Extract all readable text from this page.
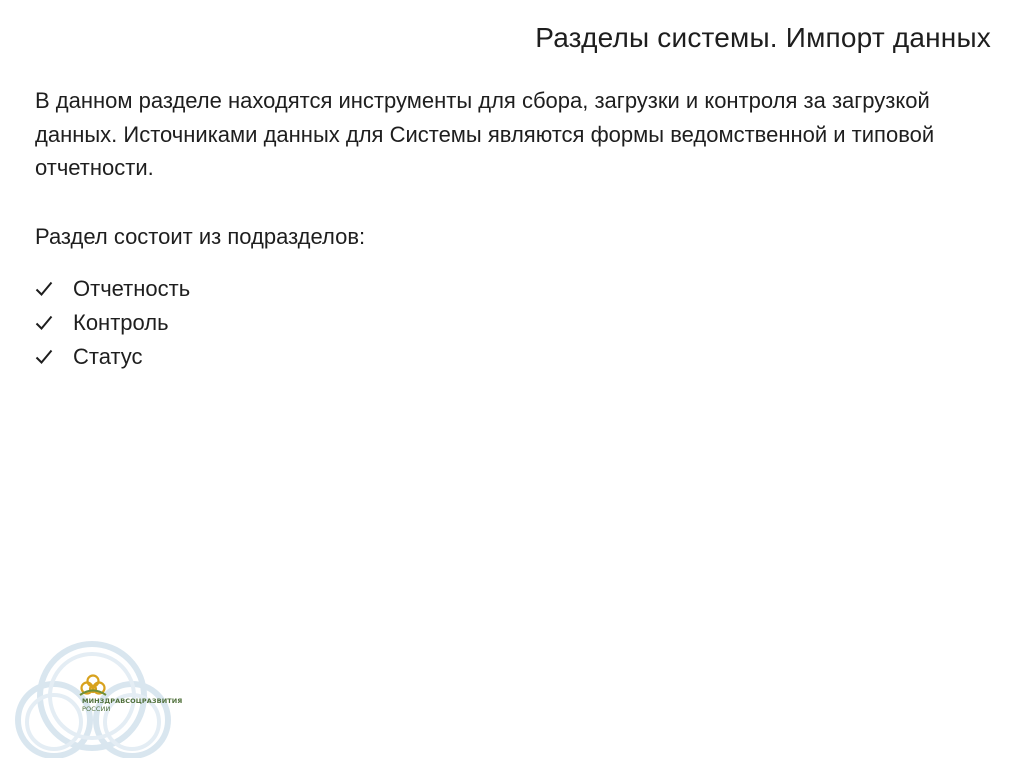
Разделы системы. Импорт данных

В данном разделе находятся инструменты для сбора, загрузки и контроля за загрузкой данных. Источниками данных для Системы являются формы ведомственной и типовой отчетности.

Раздел состоит из подразделов:

Отчетность
Контроль
Статус
МИНЗДРАВСОЦРАЗВИТИЯ
РОССИИ
